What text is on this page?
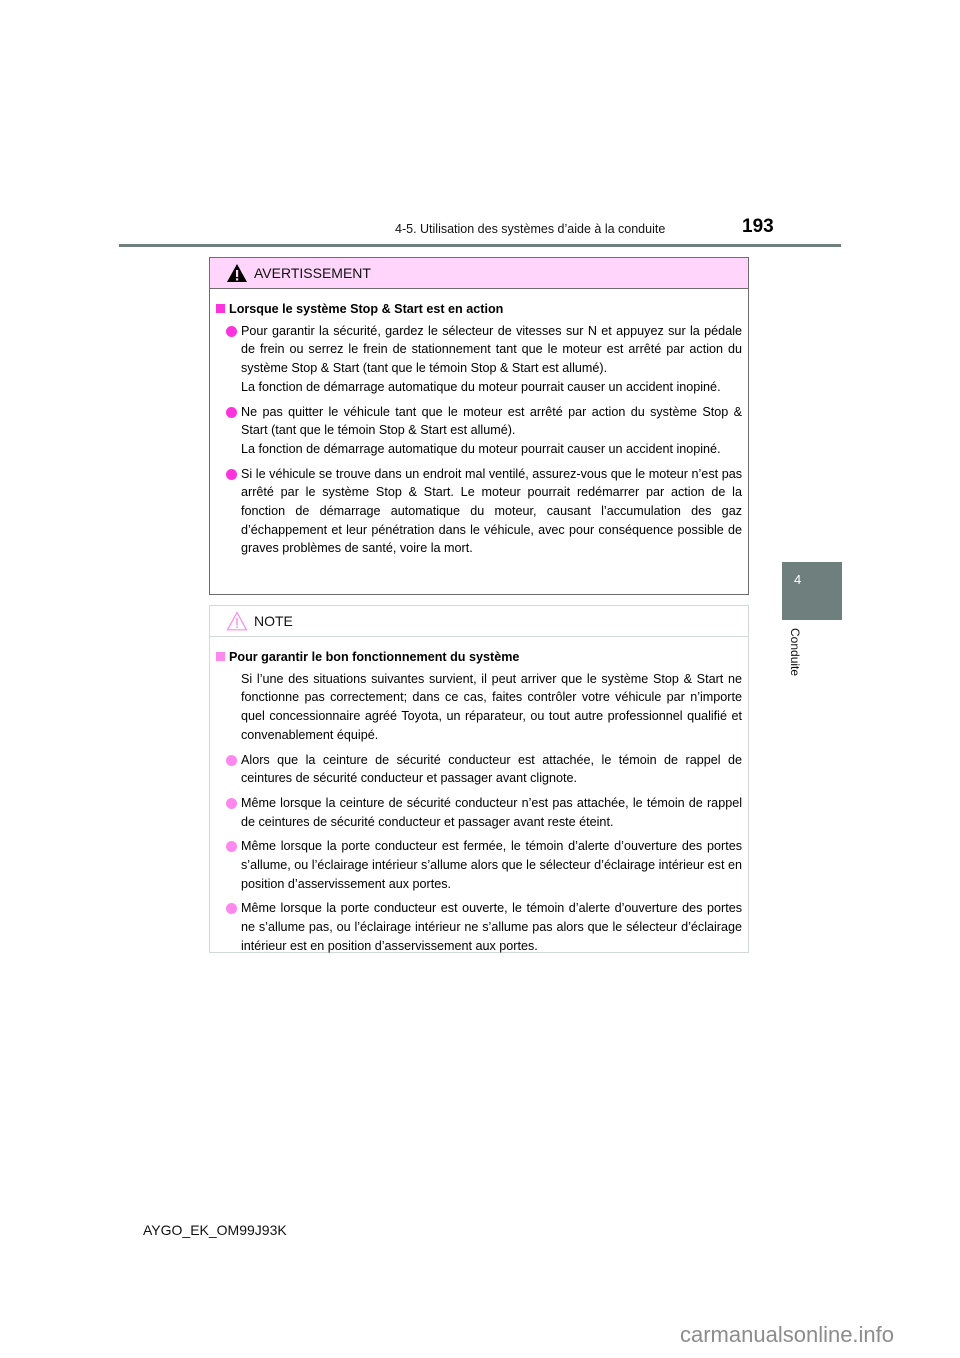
4-5. Utilisation des systèmes d’aide à la conduite	193
4
Conduite
AVERTISSEMENT
Lorsque le système Stop & Start est en action

Pour garantir la sécurité, gardez le sélecteur de vitesses sur N et appuyez sur la pédale de frein ou serrez le frein de stationnement tant que le moteur est arrêté par action du système Stop & Start (tant que le témoin Stop & Start est allumé).

La fonction de démarrage automatique du moteur pourrait causer un accident inopiné.

Ne pas quitter le véhicule tant que le moteur est arrêté par action du système Stop & Start (tant que le témoin Stop & Start est allumé).

La fonction de démarrage automatique du moteur pourrait causer un accident inopiné.

Si le véhicule se trouve dans un endroit mal ventilé, assurez-vous que le moteur n’est pas arrêté par le système Stop & Start. Le moteur pourrait redémarrer par action de la fonction de démarrage automatique du moteur, causant l’accumulation des gaz d’échappement et leur pénétration dans le véhicule, avec pour conséquence possible de graves problèmes de santé, voire la mort.

NOTE
Pour garantir le bon fonctionnement du système

Si l’une des situations suivantes survient, il peut arriver que le système Stop & Start ne fonctionne pas correctement; dans ce cas, faites contrôler votre véhicule par n’importe quel concessionnaire agréé Toyota, un réparateur, ou tout autre professionnel qualifié et convenablement équipé.

Alors que la ceinture de sécurité conducteur est attachée, le témoin de rappel de ceintures de sécurité conducteur et passager avant clignote.

Même lorsque la ceinture de sécurité conducteur n’est pas attachée, le témoin de rappel de ceintures de sécurité conducteur et passager avant reste éteint.

Même lorsque la porte conducteur est fermée, le témoin d’alerte d’ouverture des portes s’allume, ou l’éclairage intérieur s’allume alors que le sélecteur d’éclairage intérieur est en position d’asservissement aux portes.

Même lorsque la porte conducteur est ouverte, le témoin d’alerte d’ouverture des portes ne s’allume pas, ou l’éclairage intérieur ne s’allume pas alors que le sélecteur d’éclairage intérieur est en position d’asservissement aux portes.

AYGO_EK_OM99J93K
carmanualsonline.info
